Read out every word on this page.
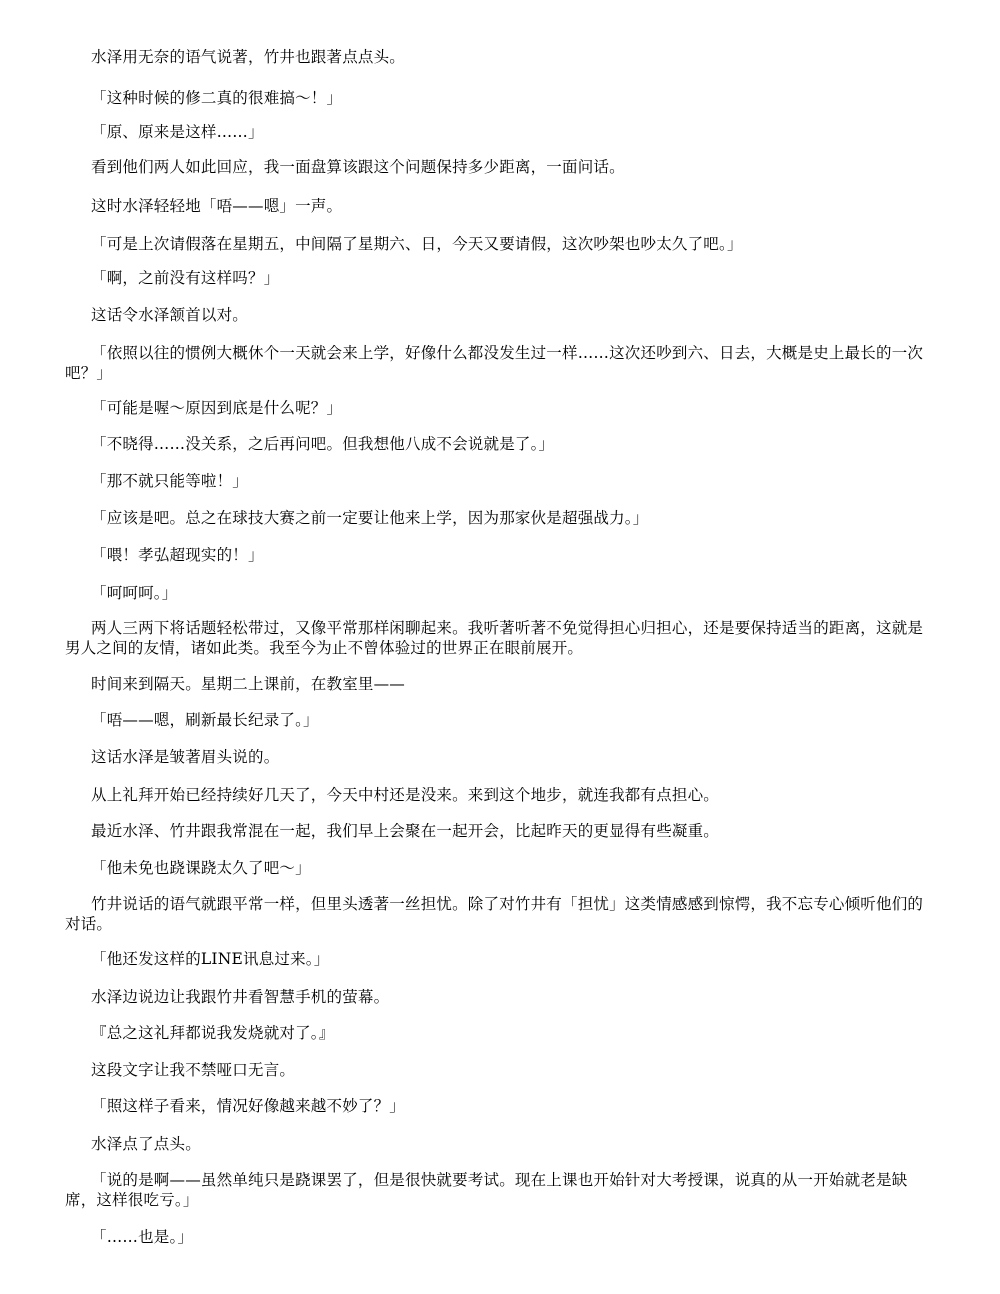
水泽用无奈的语气说著，竹井也跟著点点头。

「这种时候的修二真的很难搞～！」

「原、原来是这样……」

看到他们两人如此回应，我一面盘算该跟这个问题保持多少距离，一面问话。

这时水泽轻轻地「唔——嗯」一声。

「可是上次请假落在星期五，中间隔了星期六、日，今天又要请假，这次吵架也吵太久了吧。」

「啊，之前没有这样吗？」

这话令水泽颔首以对。

「依照以往的惯例大概休个一天就会来上学，好像什么都没发生过一样……这次还吵到六、日去，大概是史上最长的一次吧？」

「可能是喔～原因到底是什么呢？」

「不晓得……没关系，之后再问吧。但我想他八成不会说就是了。」

「那不就只能等啦！」

「应该是吧。总之在球技大赛之前一定要让他来上学，因为那家伙是超强战力。」

「喂！孝弘超现实的！」

「呵呵呵。」

两人三两下将话题轻松带过，又像平常那样闲聊起来。我听著听著不免觉得担心归担心，还是要保持适当的距离，这就是男人之间的友情，诸如此类。我至今为止不曾体验过的世界正在眼前展开。

时间来到隔天。星期二上课前，在教室里——

「唔——嗯，刷新最长纪录了。」

这话水泽是皱著眉头说的。

从上礼拜开始已经持续好几天了，今天中村还是没来。来到这个地步，就连我都有点担心。

最近水泽、竹井跟我常混在一起，我们早上会聚在一起开会，比起昨天的更显得有些凝重。

「他未免也跷课跷太久了吧～」

竹井说话的语气就跟平常一样，但里头透著一丝担忧。除了对竹井有「担忧」这类情感感到惊愕，我不忘专心倾听他们的对话。

「他还发这样的LINE讯息过来。」

水泽边说边让我跟竹井看智慧手机的萤幕。

『总之这礼拜都说我发烧就对了。』

这段文字让我不禁哑口无言。

「照这样子看来，情况好像越来越不妙了？」

水泽点了点头。

「说的是啊——虽然单纯只是跷课罢了，但是很快就要考试。现在上课也开始针对大考授课，说真的从一开始就老是缺席，这样很吃亏。」

「……也是。」
